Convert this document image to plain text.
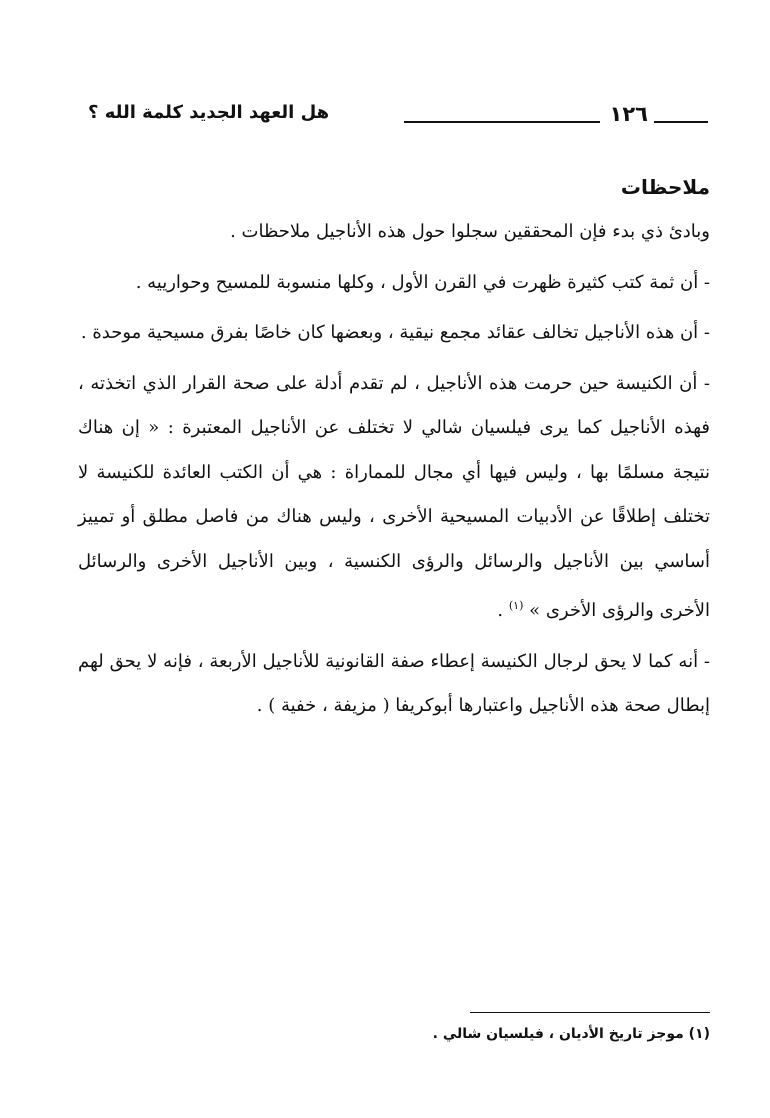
١٢٦
هل العهد الجديد كلمة الله ؟
ملاحظات

وبادئ ذي بدء فإن المحققين سجلوا حول هذه الأناجيل ملاحظات .

- أن ثمة كتب كثيرة ظهرت في القرن الأول ، وكلها منسوبة للمسيح وحوارييه .

- أن هذه الأناجيل تخالف عقائد مجمع نيقية ، وبعضها كان خاصًا بفرق مسيحية موحدة .

- أن الكنيسة حين حرمت هذه الأناجيل ، لم تقدم أدلة على صحة القرار الذي اتخذته ، فهذه الأناجيل كما يرى فيلسيان شالي لا تختلف عن الأناجيل المعتبرة : « إن هناك نتيجة مسلمًا بها ، وليس فيها أي مجال للمماراة : هي أن الكتب العائدة للكنيسة لا تختلف إطلاقًا عن الأدبيات المسيحية الأخرى ، وليس هناك من فاصل مطلق أو تمييز أساسي بين الأناجيل والرسائل والرؤى الكنسية ، وبين الأناجيل الأخرى والرسائل الأخرى والرؤى الأخرى » $^{(١)}$ .

- أنه كما لا يحق لرجال الكنيسة إعطاء صفة القانونية للأناجيل الأربعة ، فإنه لا يحق لهم إبطال صحة هذه الأناجيل واعتبارها أبوكريفا ( مزيفة ، خفية ) .

(١) موجز تاريخ الأديان ، فيلسيان شالي .
